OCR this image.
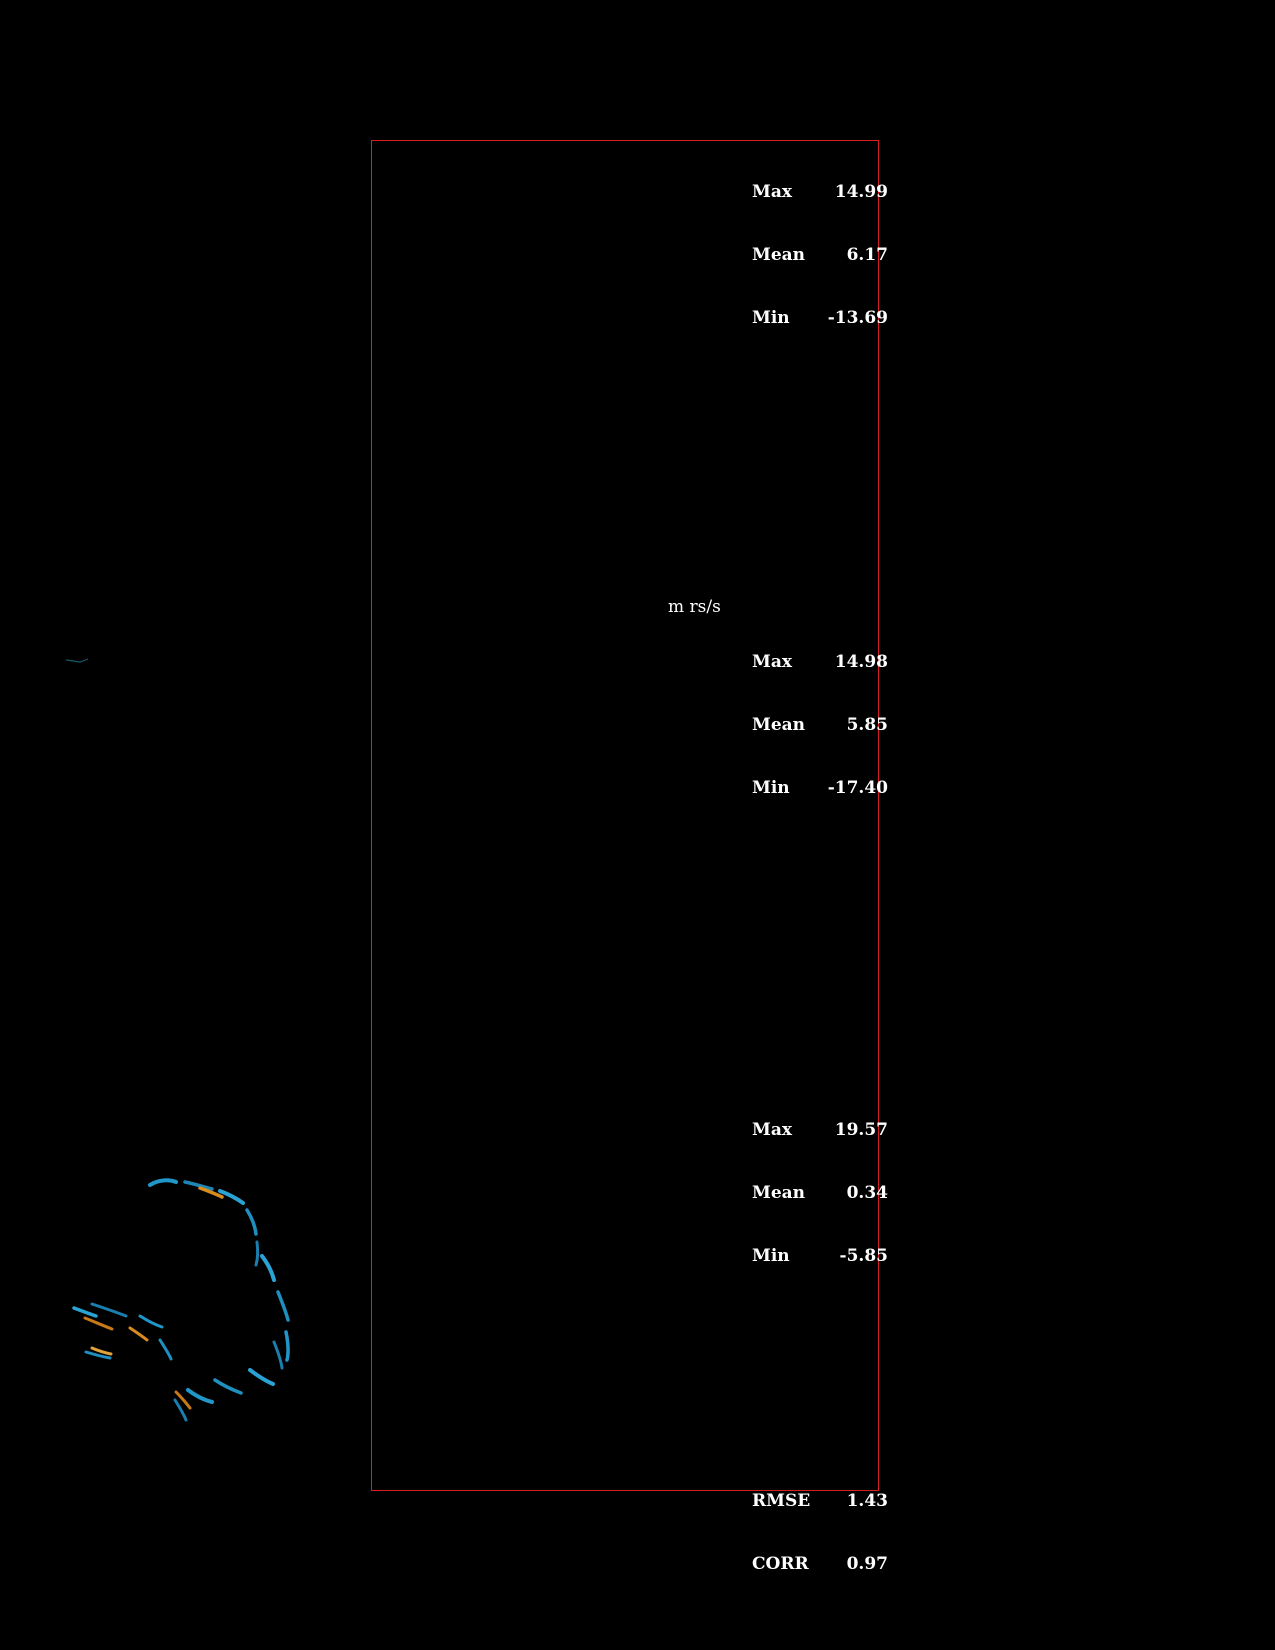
Max	14.99

Mean 6.17

Min -13.69

m rs/s

Max	14.98

Mean 5.85

Min -17.40

Max	19.57

Mean 0.34

Min	-5.85

RMSE 1.43

CORR 0.97
